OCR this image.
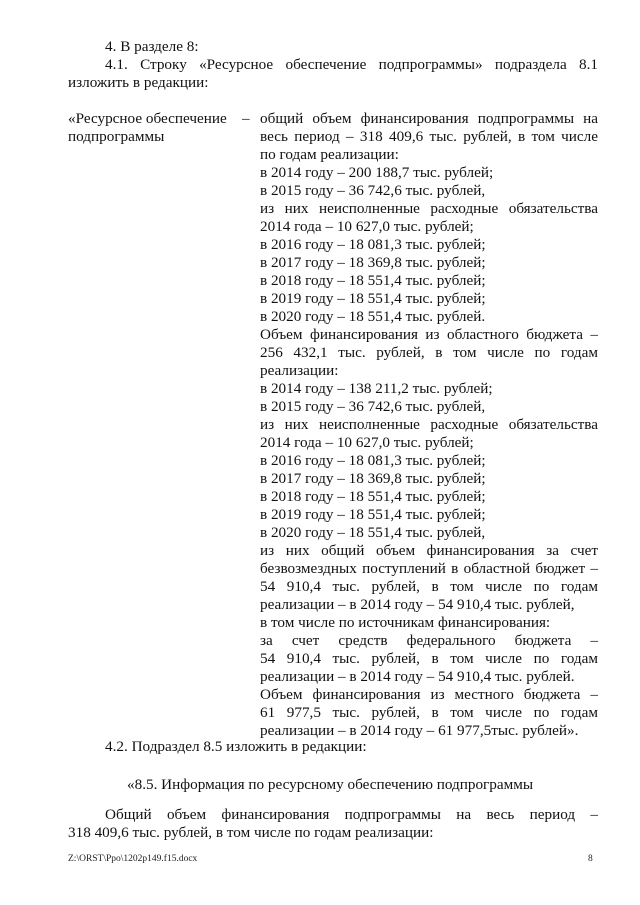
4. В разделе 8:
4.1. Строку «Ресурсное обеспечение подпрограммы» подраздела 8.1
изложить в редакции:
«Ресурсное обеспечение
подпрограммы
– общий объем финансирования подпрограммы на
весь период – 318 409,6 тыс. рублей, в том числе
по годам реализации:
в 2014 году – 200 188,7 тыс. рублей;
в 2015 году – 36 742,6 тыс. рублей,
из них неисполненные расходные обязательства
2014 года – 10 627,0 тыс. рублей;
в 2016 году – 18 081,3 тыс. рублей;
в 2017 году – 18 369,8 тыс. рублей;
в 2018 году – 18 551,4 тыс. рублей;
в 2019 году – 18 551,4 тыс. рублей;
в 2020 году – 18 551,4 тыс. рублей.
Объем финансирования из областного бюджета –
256 432,1 тыс. рублей, в том числе по годам
реализации:
в 2014 году – 138 211,2 тыс. рублей;
в 2015 году – 36 742,6 тыс. рублей,
из них неисполненные расходные обязательства
2014 года – 10 627,0 тыс. рублей;
в 2016 году – 18 081,3 тыс. рублей;
в 2017 году – 18 369,8 тыс. рублей;
в 2018 году – 18 551,4 тыс. рублей;
в 2019 году – 18 551,4 тыс. рублей;
в 2020 году – 18 551,4 тыс. рублей,
из них общий объем финансирования за счет
безвозмездных поступлений в областной бюджет –
54 910,4 тыс. рублей, в том числе по годам
реализации – в 2014 году – 54 910,4 тыс. рублей,
в том числе по источникам финансирования:
за счет средств федерального бюджета –
54 910,4 тыс. рублей, в том числе по годам
реализации – в 2014 году – 54 910,4 тыс. рублей.
Объем финансирования из местного бюджета –
61 977,5 тыс. рублей, в том числе по годам
реализации – в 2014 году – 61 977,5тыс. рублей».
4.2. Подраздел 8.5 изложить в редакции:
«8.5. Информация по ресурсному обеспечению подпрограммы
Общий объем финансирования подпрограммы на весь период –
318 409,6 тыс. рублей, в том числе по годам реализации:
Z:\ORST\Ppo\1202p149.f15.docx	8
